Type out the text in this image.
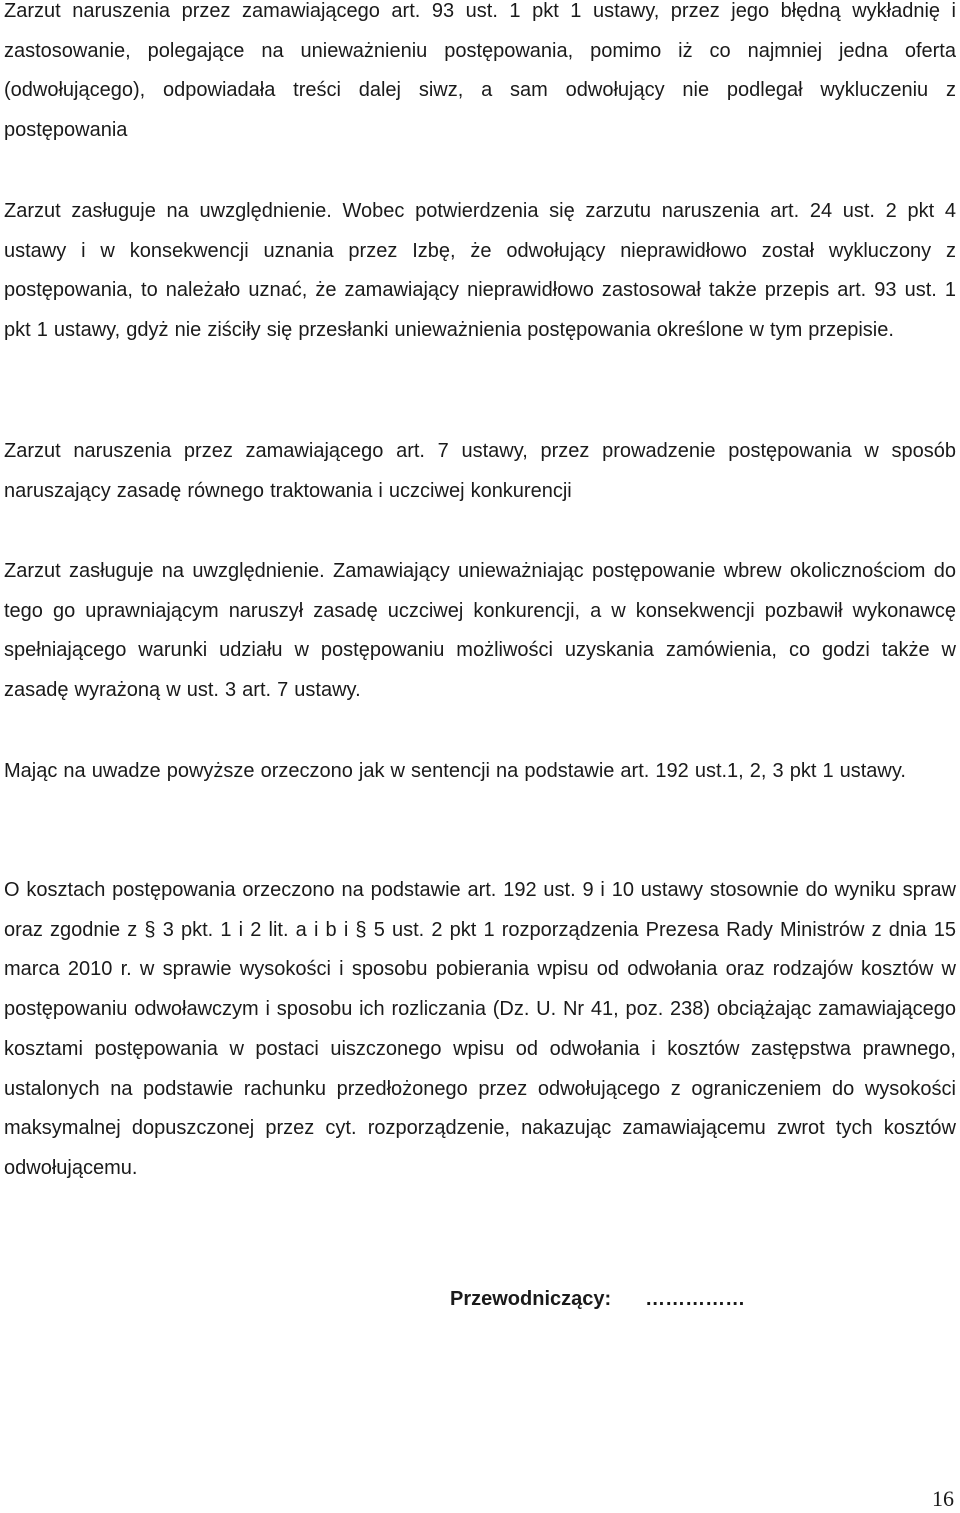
Zarzut naruszenia przez zamawiającego art. 93 ust. 1 pkt 1 ustawy, przez jego błędną wykładnię i zastosowanie, polegające na unieważnieniu postępowania, pomimo iż co najmniej jedna oferta (odwołującego), odpowiadała treści dalej siwz, a sam odwołujący nie podlegał wykluczeniu z postępowania

Zarzut zasługuje na uwzględnienie. Wobec potwierdzenia się zarzutu naruszenia art. 24 ust. 2 pkt 4 ustawy i w konsekwencji uznania przez Izbę, że odwołujący nieprawidłowo został wykluczony z postępowania, to należało uznać, że zamawiający nieprawidłowo zastosował także przepis art. 93 ust. 1 pkt 1 ustawy, gdyż nie ziściły się przesłanki unieważnienia postępowania określone w tym przepisie.

Zarzut naruszenia przez zamawiającego art. 7 ustawy, przez prowadzenie postępowania w sposób naruszający zasadę równego traktowania i uczciwej konkurencji

Zarzut zasługuje na uwzględnienie. Zamawiający unieważniając postępowanie wbrew okolicznościom do tego go uprawniającym naruszył zasadę uczciwej konkurencji, a w konsekwencji pozbawił wykonawcę spełniającego warunki udziału w postępowaniu możliwości uzyskania zamówienia, co godzi także w zasadę wyrażoną w ust. 3 art. 7 ustawy.

Mając na uwadze powyższe orzeczono jak w sentencji na podstawie art. 192 ust.1, 2, 3 pkt 1 ustawy.

O kosztach postępowania orzeczono na podstawie art. 192 ust. 9 i 10 ustawy stosownie do wyniku spraw oraz zgodnie z § 3 pkt. 1 i 2 lit. a i b i § 5 ust. 2 pkt 1 rozporządzenia Prezesa Rady Ministrów z dnia 15 marca 2010 r. w sprawie wysokości i sposobu pobierania wpisu od odwołania oraz rodzajów kosztów w postępowaniu odwoławczym i sposobu ich rozliczania (Dz. U. Nr 41, poz. 238) obciążając zamawiającego kosztami postępowania w postaci uiszczonego wpisu od odwołania i kosztów zastępstwa prawnego, ustalonych na podstawie rachunku przedłożonego przez odwołującego z ograniczeniem do wysokości maksymalnej dopuszczonej przez cyt. rozporządzenie, nakazując zamawiającemu zwrot tych kosztów odwołującemu.

Przewodniczący: ……………
16
